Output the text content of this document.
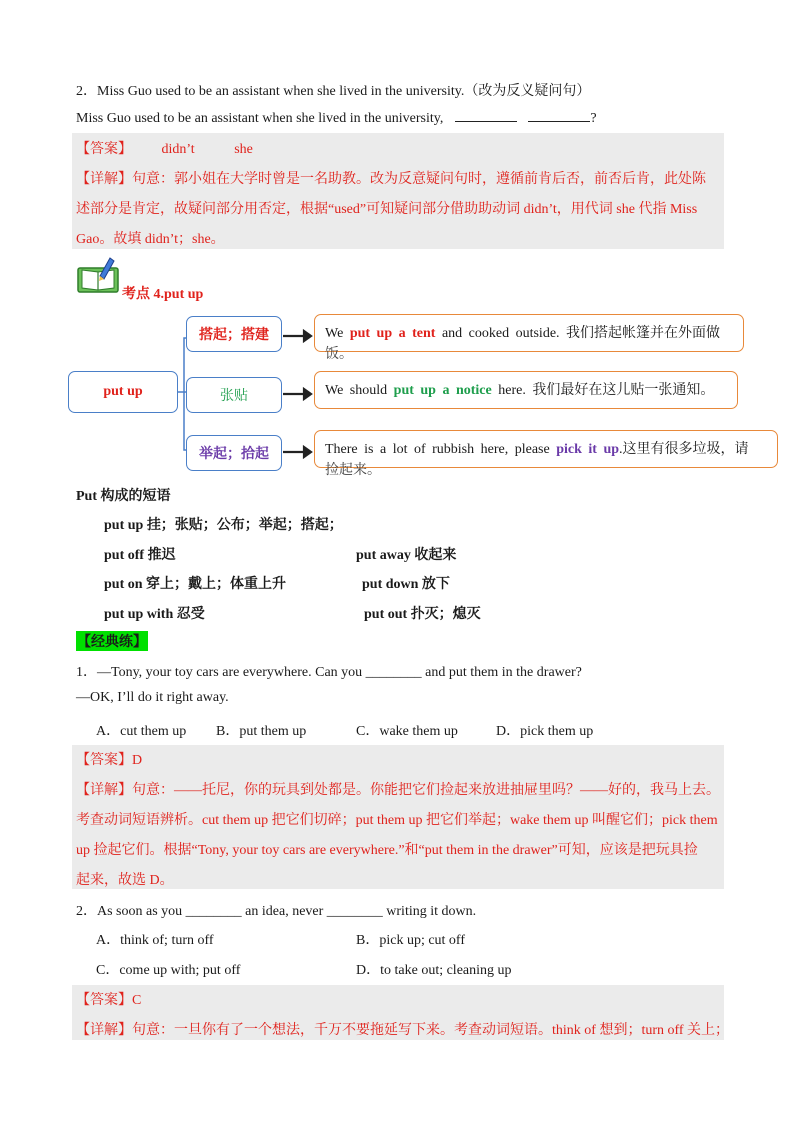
2．Miss Guo used to be an assistant when she lived in the university.（改为反义疑问句）
Miss Guo used to be an assistant when she lived in the university,	?
【答案】 didn’t	she
【详解】句意：郭小姐在大学时曾是一名助教。改为反意疑问句时，遵循前肯后否，前否后肯，此处陈
述部分是肯定，故疑问部分用否定，根据“used”可知疑问部分借助助动词 didn’t，用代词 she 代指 Miss
Gao。故填 didn’t；she。
考点 4.put up
put up
搭起；搭建
张贴
举起；拾起
We put up a tent and cooked outside. 我们搭起帐篷并在外面做
饭。
We should put up a notice here. 我们最好在这儿贴一张通知。
There is a lot of rubbish here, please pick it up.这里有很多垃圾，请
捡起来。
Put 构成的短语
put up 挂；张贴；公布；举起；搭起；
put off 推迟	put away 收起来
put on 穿上；戴上；体重上升	put down 放下
put up with 忍受	put out 扑灭；熄灭
【经典练】
1．—Tony, your toy cars are everywhere. Can you ________ and put them in the drawer?
—OK, I’ll do it right away.
A．cut them up B．put them up	C．wake them up	D．pick them up
【答案】D
【详解】句意：——托尼，你的玩具到处都是。你能把它们捡起来放进抽屉里吗？——好的，我马上去。
考查动词短语辨析。cut them up 把它们切碎；put them up 把它们举起；wake them up 叫醒它们；pick them
up 捡起它们。根据“Tony, your toy cars are everywhere.”和“put them in the drawer”可知，应该是把玩具捡
起来，故选 D。
2．As soon as you ________ an idea, never ________ writing it down.
A．think of; turn off	B．pick up; cut off
C．come up with; put off	D．to take out; cleaning up
【答案】C
【详解】句意：一旦你有了一个想法，千万不要拖延写下来。考查动词短语。think of 想到；turn off 关上；
